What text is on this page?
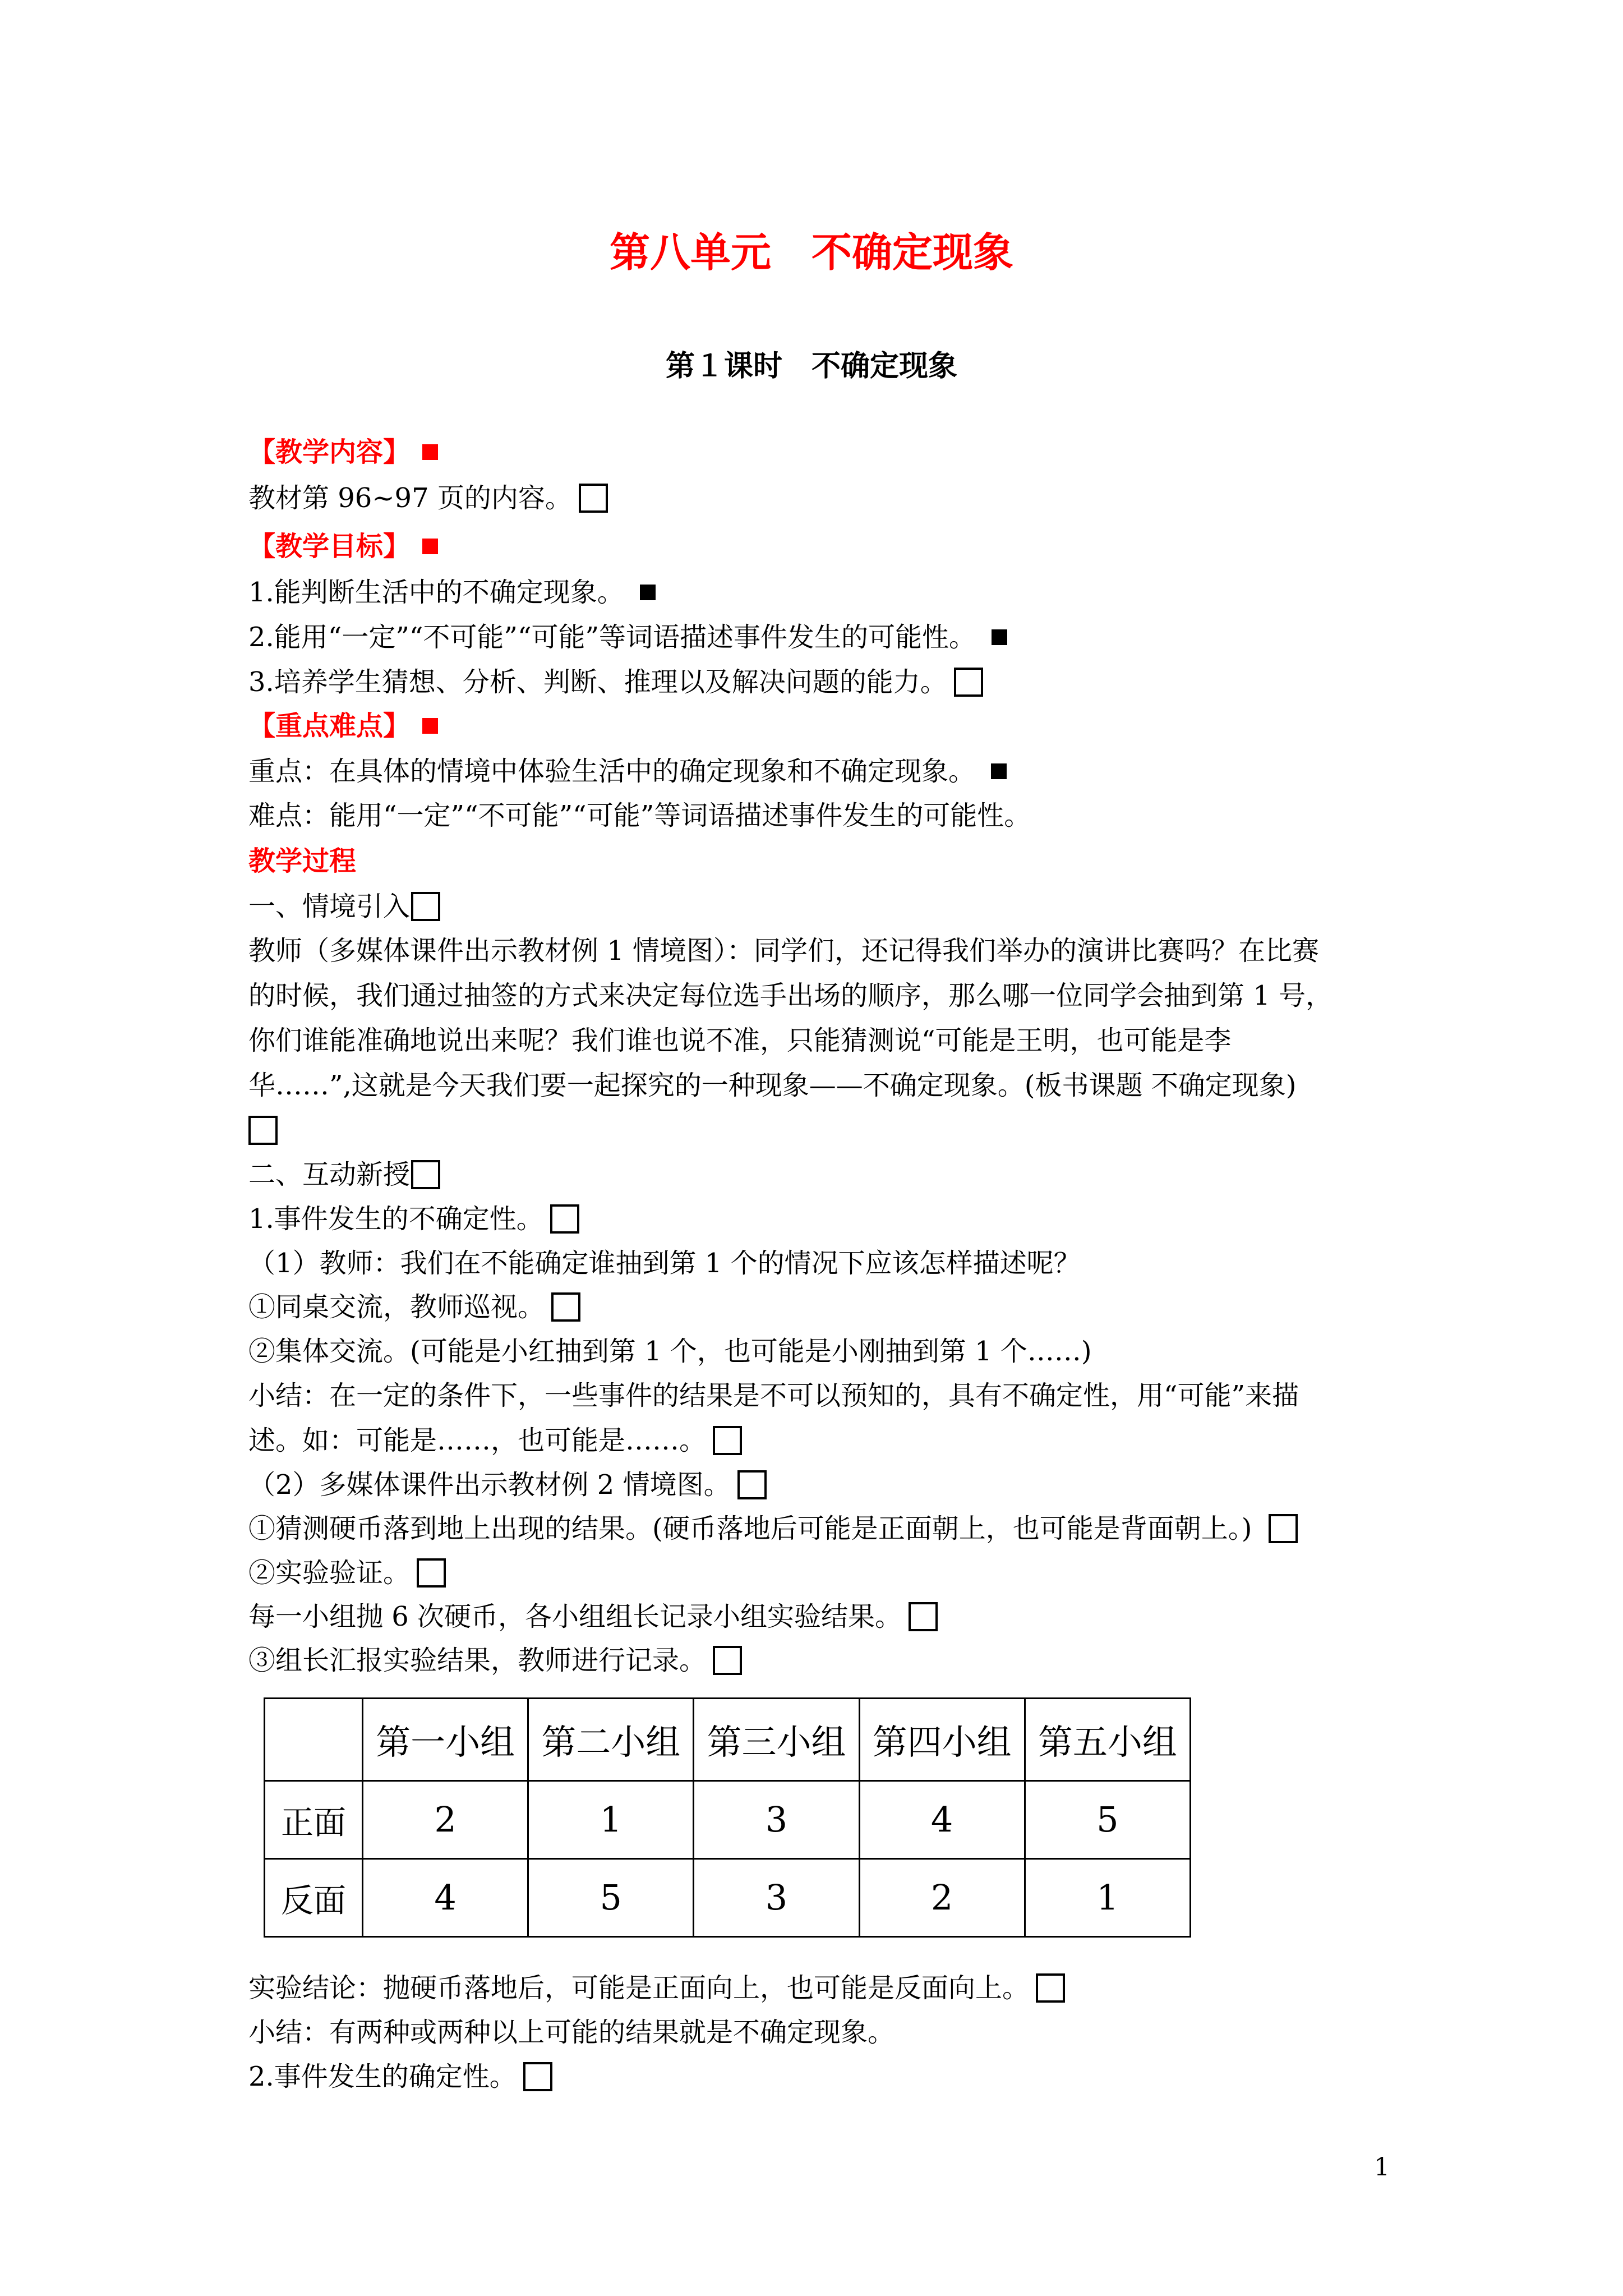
第八单元　不确定现象
第１课时　不确定现象
【教学内容】
教材第 96~97 页的内容。
【教学目标】
1.能判断生活中的不确定现象。
2.能用“一定”“不可能”“可能”等词语描述事件发生的可能性。
3.培养学生猜想、分析、判断、推理以及解决问题的能力。
【重点难点】
重点：在具体的情境中体验生活中的确定现象和不确定现象。
难点：能用“一定”“不可能”“可能”等词语描述事件发生的可能性。
教学过程
一、情境引入
教师（多媒体课件出示教材例 1 情境图）：同学们，还记得我们举办的演讲比赛吗？在比赛
的时候，我们通过抽签的方式来决定每位选手出场的顺序，那么哪一位同学会抽到第 1 号，
你们谁能准确地说出来呢？我们谁也说不准，只能猜测说“可能是王明，也可能是李
华……”,这就是今天我们要一起探究的一种现象——不确定现象。(板书课题 不确定现象)
二、互动新授
1.事件发生的不确定性。
（1）教师：我们在不能确定谁抽到第 1 个的情况下应该怎样描述呢？
①同桌交流，教师巡视。
②集体交流。(可能是小红抽到第 1 个，也可能是小刚抽到第 1 个……)
小结：在一定的条件下，一些事件的结果是不可以预知的，具有不确定性，用“可能”来描
述。如：可能是……，也可能是……。
（2）多媒体课件出示教材例 2 情境图。
①猜测硬币落到地上出现的结果。(硬币落地后可能是正面朝上，也可能是背面朝上。)
②实验验证。
每一小组抛 6 次硬币，各小组组长记录小组实验结果。
③组长汇报实验结果，教师进行记录。
	第一小组	第二小组	第三小组	第四小组	第五小组
正面	2	1	3	4	5
反面	4	5	3	2	1
实验结论：抛硬币落地后，可能是正面向上，也可能是反面向上。
小结：有两种或两种以上可能的结果就是不确定现象。
2.事件发生的确定性。
1
